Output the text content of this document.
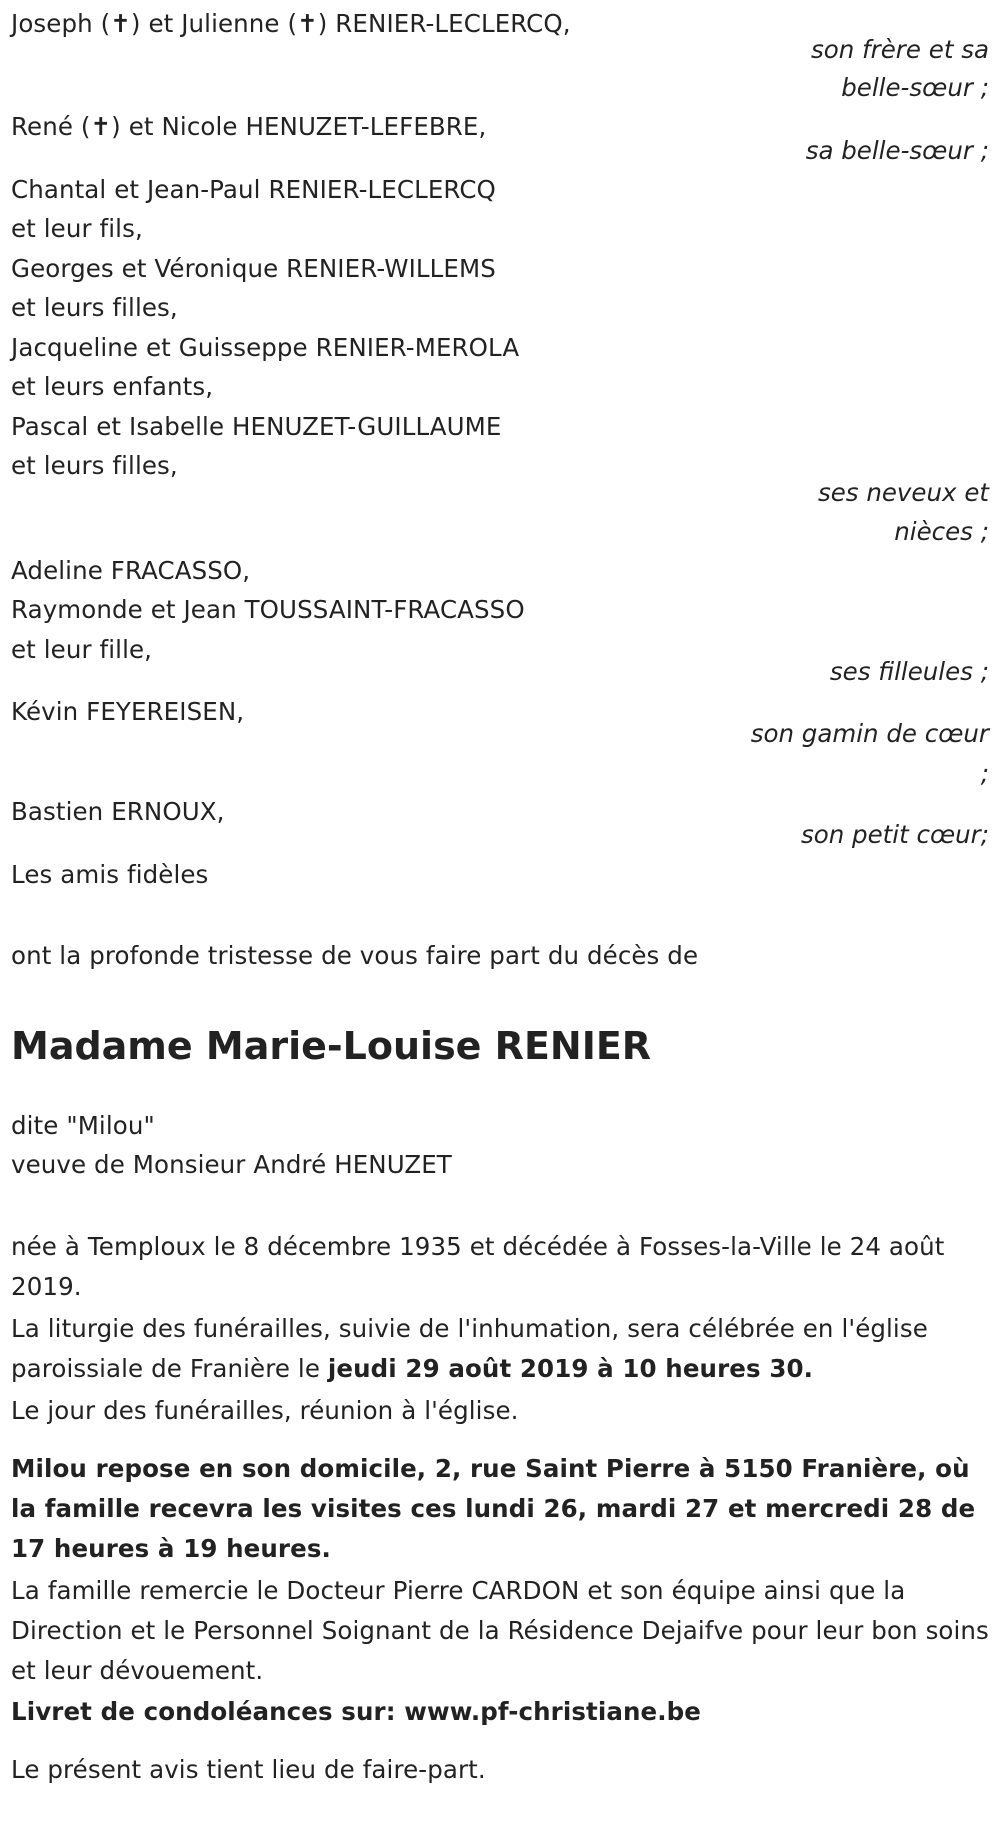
Joseph (✝) et Julienne (✝) RENIER-LECLERCQ,
son frère et sa
belle-sœur ;
René (✝) et Nicole HENUZET-LEFEBRE,
sa belle-sœur ;
Chantal et Jean-Paul RENIER-LECLERCQ
et leur fils,
Georges et Véronique RENIER-WILLEMS
et leurs filles,
Jacqueline et Guisseppe RENIER-MEROLA
et leurs enfants,
Pascal et Isabelle HENUZET-GUILLAUME
et leurs filles,
ses neveux et
nièces ;
Adeline FRACASSO,
Raymonde et Jean TOUSSAINT-FRACASSO
et leur fille,
ses filleules ;
Kévin FEYEREISEN,
son gamin de cœur
;
Bastien ERNOUX,
son petit cœur;
Les amis fidèles
ont la profonde tristesse de vous faire part du décès de
Madame Marie-Louise RENIER
dite "Milou"
veuve de Monsieur André HENUZET
née à Temploux le 8 décembre 1935 et décédée à Fosses-la-Ville le 24 août 2019.
La liturgie des funérailles, suivie de l'inhumation, sera célébrée en l'église paroissiale de Franière le jeudi 29 août 2019 à 10 heures 30.
Le jour des funérailles, réunion à l'église.
Milou repose en son domicile, 2, rue Saint Pierre à 5150 Franière, où la famille recevra les visites ces lundi 26, mardi 27 et mercredi 28 de 17 heures à 19 heures.
La famille remercie le Docteur Pierre CARDON et son équipe ainsi que la Direction et le Personnel Soignant de la Résidence Dejaifve pour leur bon soins et leur dévouement.
Livret de condoléances sur: www.pf-christiane.be
Le présent avis tient lieu de faire-part.
